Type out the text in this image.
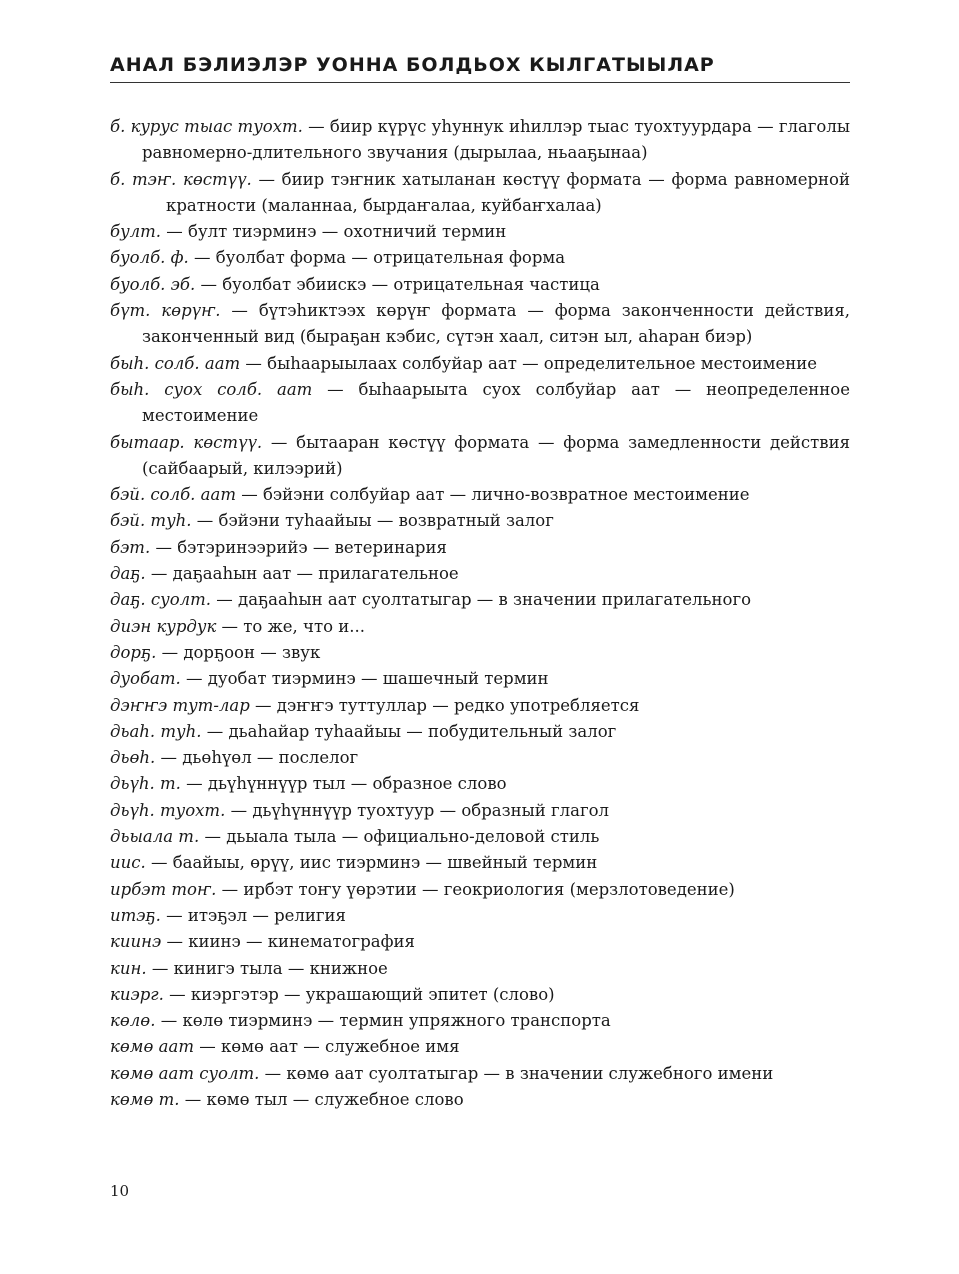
АНАЛ БЭЛИЭЛЭР УОННА БОЛДЬОХ КЫЛГАТЫЫЛАР
б. кyрyс тыас туохт. — биир күрүс уһуннук иһиллэр тыас туохтуурдара — глаголы равномерно-длительного звучания (дырылаа, ньааҕынаа)
б. тэҥ. көстүү. — биир тэҥник хатыланан көстүү формата — форма равномерной кратности (маланнаа, бырдаҥалаа, куйбаҥхалаа)
булт. — булт тиэрминэ — охотничий термин
буолб. ф. — буолбат форма — отрицательная форма
буолб. эб. — буолбат эбиискэ — отрицательная частица
бүт. көрүҥ. — бүтэһиктээх көрүҥ формата — форма законченности действия, законченный вид (быраҕан кэбис, сүтэн хаал, ситэн ыл, аһаран биэр)
быһ. солб. аат — быһаарыылаах солбуйар аат — определительное местоимение
быһ. суох солб. аат — быһаарыыта суох солбуйар аат — неопределенное местоимение
бытаар. көстүү. — бытааран көстүү формата — форма замедленности действия (сайбаарый, килээрий)
бэй. солб. аат — бэйэни солбуйар аат — лично-возвратное местоимение
бэй. туһ. — бэйэни туһаайыы — возвратный залог
бэт. — бэтэринээрийэ — ветеринария
даҕ. — даҕааһын аат — прилагательное
даҕ. суолт. — даҕааһын аат суолтатыгар — в значении прилагательного
диэн курдук — то же, что и...
дорҕ. — дорҕоон — звук
дуобат. — дуобат тиэрминэ — шашечный термин
дэҥҥэ тут-лар — дэҥҥэ туттуллар — редко употребляется
дьаһ. туһ. — дьаһайар туһаайыы — побудительный залог
дьөһ. — дьөһүөл — послелог
дьүһ. т. — дьүһүннүүр тыл — образное слово
дьүһ. туохт. — дьүһүннүүр туохтуур — образный глагол
дьыала т. — дьыала тыла — официально-деловой стиль
иис. — баайыы, өрүү, иис тиэрминэ — швейный термин
ирбэт тоҥ. — ирбэт тоҥу үөрэтии — геокриология (мерзлотоведение)
итэҕ. — итэҕэл — религия
киинэ — киинэ — кинематография
кин. — кинигэ тыла — книжное
киэрг. — киэргэтэр — украшающий эпитет (слово)
көлө. — көлө тиэрминэ — термин упряжного транспорта
көмө аат — көмө аат — служебное имя
көмө аат суолт. — көмө аат суолтатыгар — в значении служебного имени
көмө т. — көмө тыл — служебное слово
10
